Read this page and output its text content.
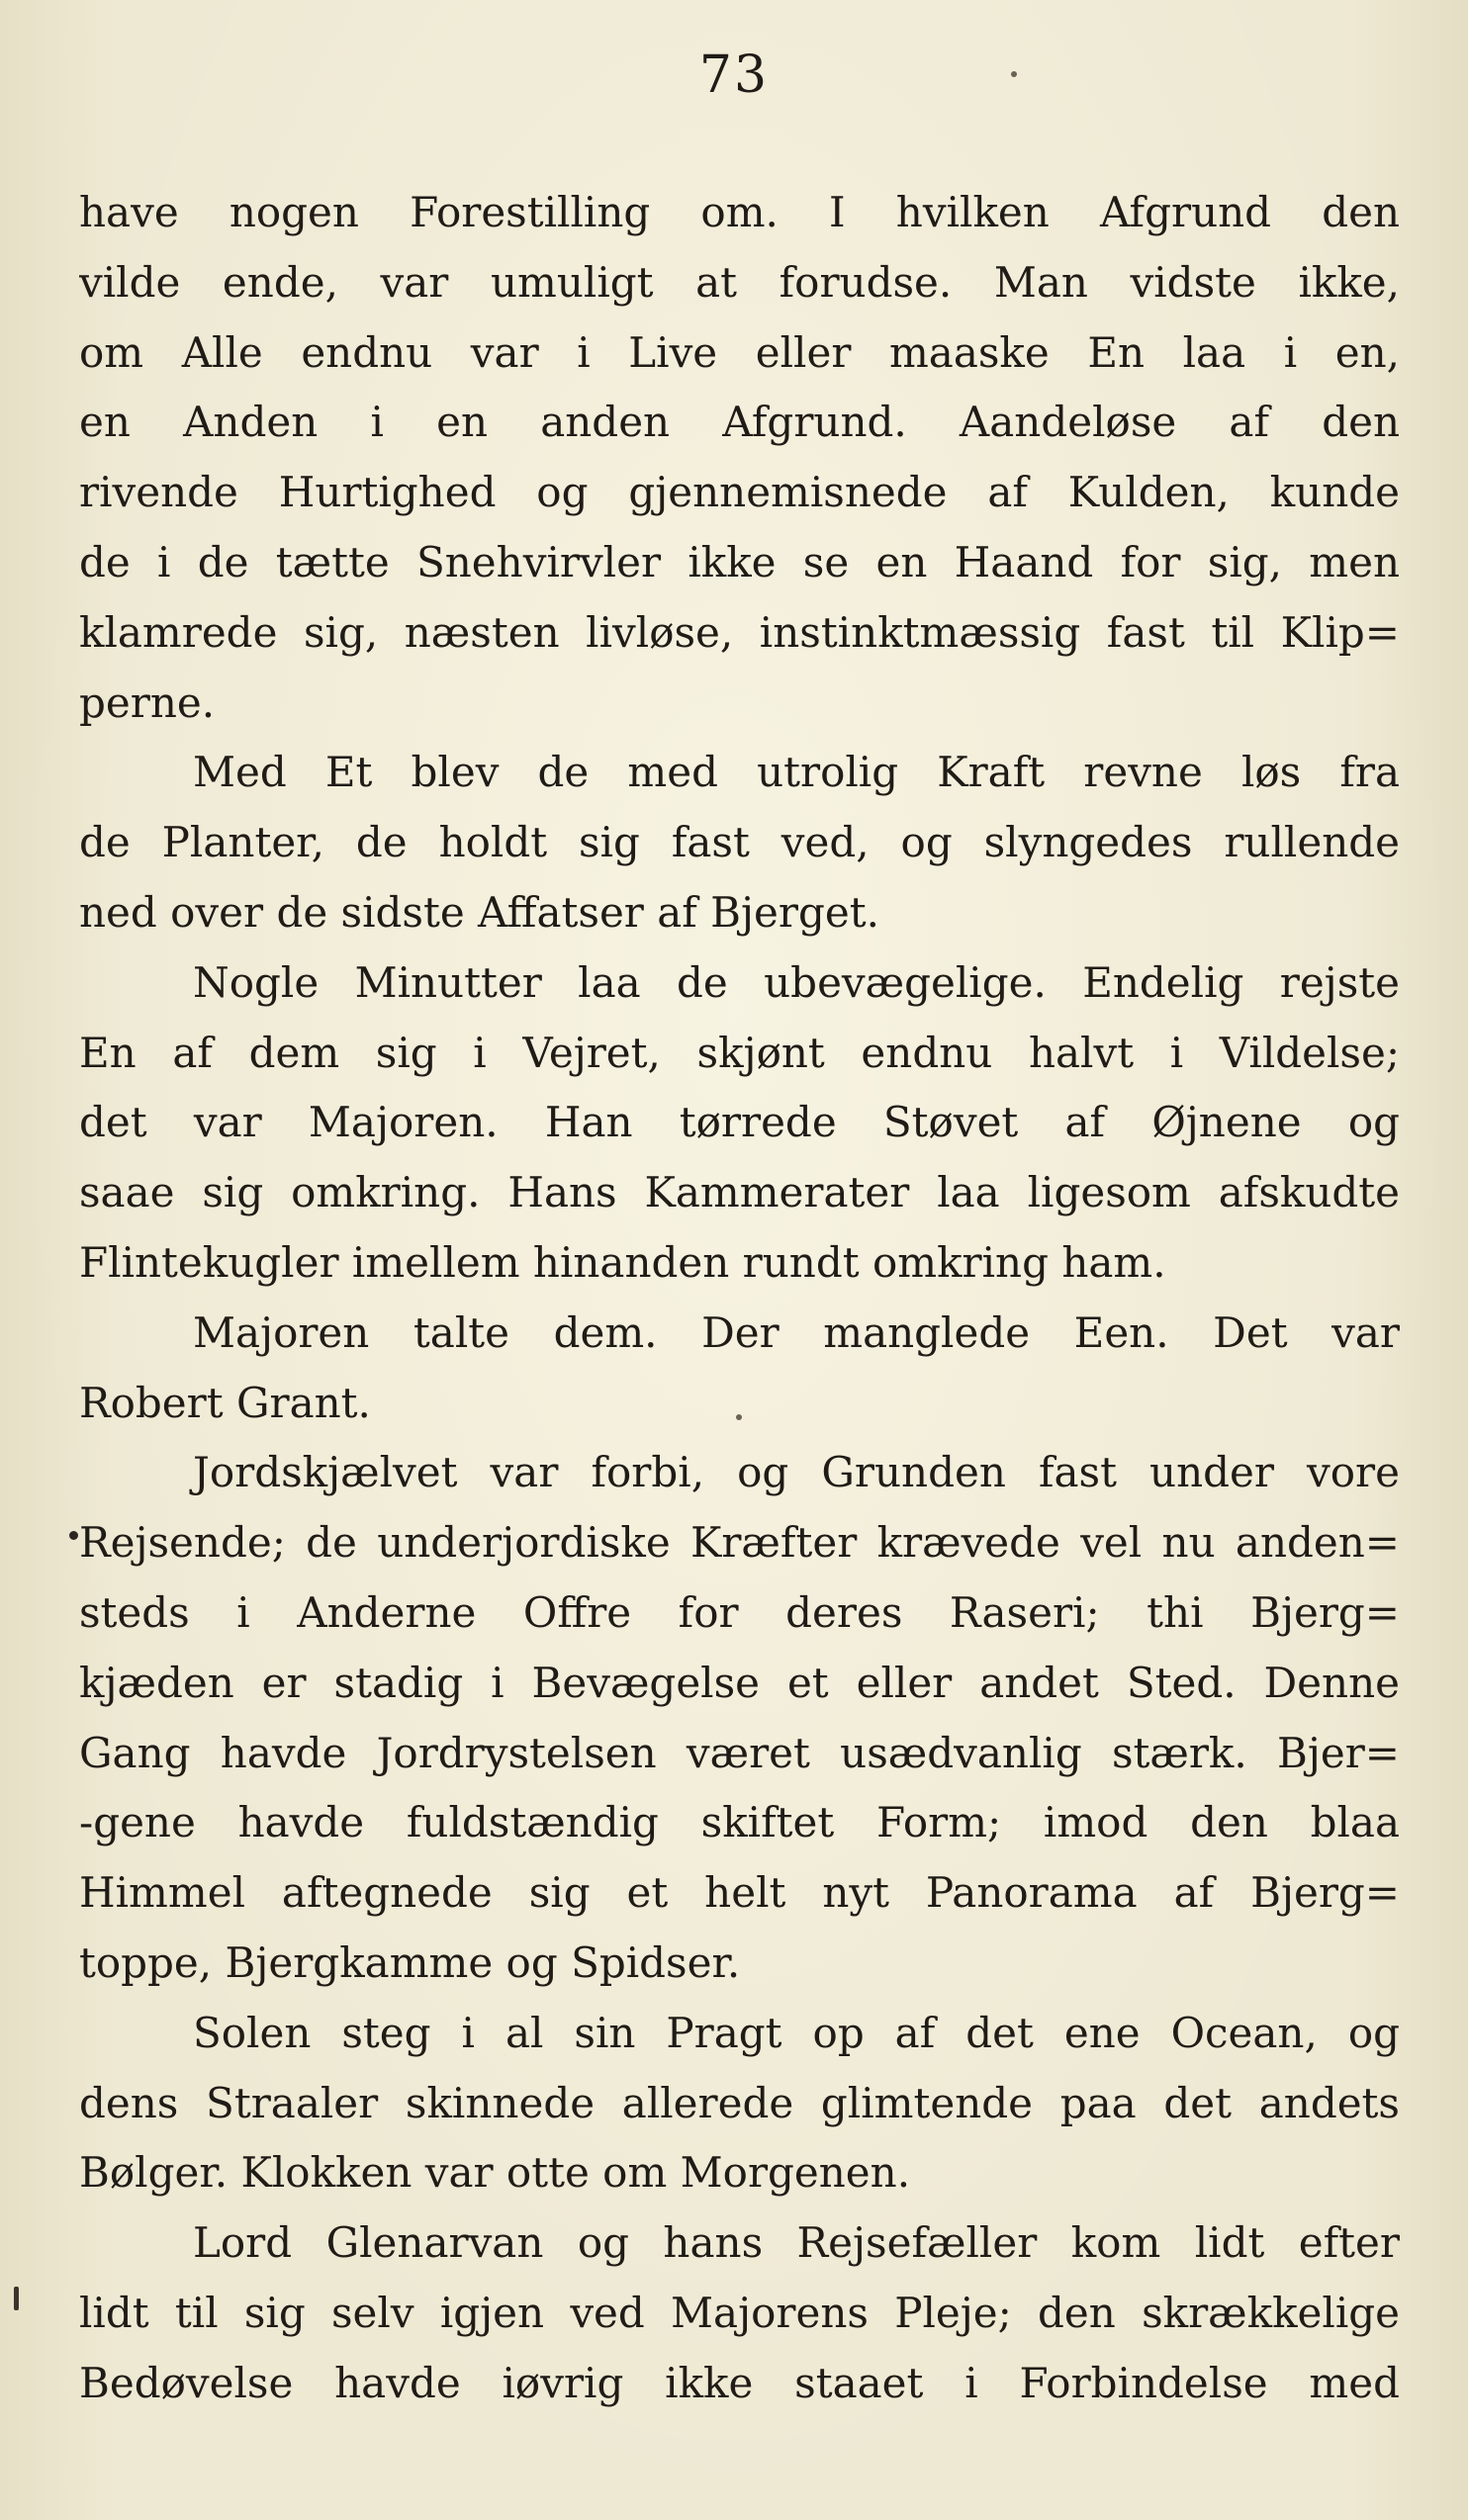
73
have nogen Forestilling om. I hvilken Afgrund den
vilde ende, var umuligt at forudse. Man vidste ikke,
om Alle endnu var i Live eller maaske En laa i en,
en Anden i en anden Afgrund. Aandeløse af den
rivende Hurtighed og gjennemisnede af Kulden, kunde
de i de tætte Snehvirvler ikke se en Haand for sig, men
klamrede sig, næsten livløse, instinktmæssig fast til Klip=
perne.
Med Et blev de med utrolig Kraft revne løs fra
de Planter, de holdt sig fast ved, og slyngedes rullende
ned over de sidste Affatser af Bjerget.
Nogle Minutter laa de ubevægelige. Endelig rejste
En af dem sig i Vejret, skjønt endnu halvt i Vildelse;
det var Majoren. Han tørrede Støvet af Øjnene og
saae sig omkring. Hans Kammerater laa ligesom afskudte
Flintekugler imellem hinanden rundt omkring ham.
Majoren talte dem. Der manglede Een. Det var
Robert Grant.
Jordskjælvet var forbi, og Grunden fast under vore
Rejsende; de underjordiske Kræfter krævede vel nu anden=
steds i Anderne Offre for deres Raseri; thi Bjerg=
kjæden er stadig i Bevægelse et eller andet Sted. Denne
Gang havde Jordrystelsen været usædvanlig stærk. Bjer=
-gene havde fuldstændig skiftet Form; imod den blaa
Himmel aftegnede sig et helt nyt Panorama af Bjerg=
toppe, Bjergkamme og Spidser.
Solen steg i al sin Pragt op af det ene Ocean, og
dens Straaler skinnede allerede glimtende paa det andets
Bølger. Klokken var otte om Morgenen.
Lord Glenarvan og hans Rejsefæller kom lidt efter
lidt til sig selv igjen ved Majorens Pleje; den skrækkelige
Bedøvelse havde iøvrig ikke staaet i Forbindelse med
